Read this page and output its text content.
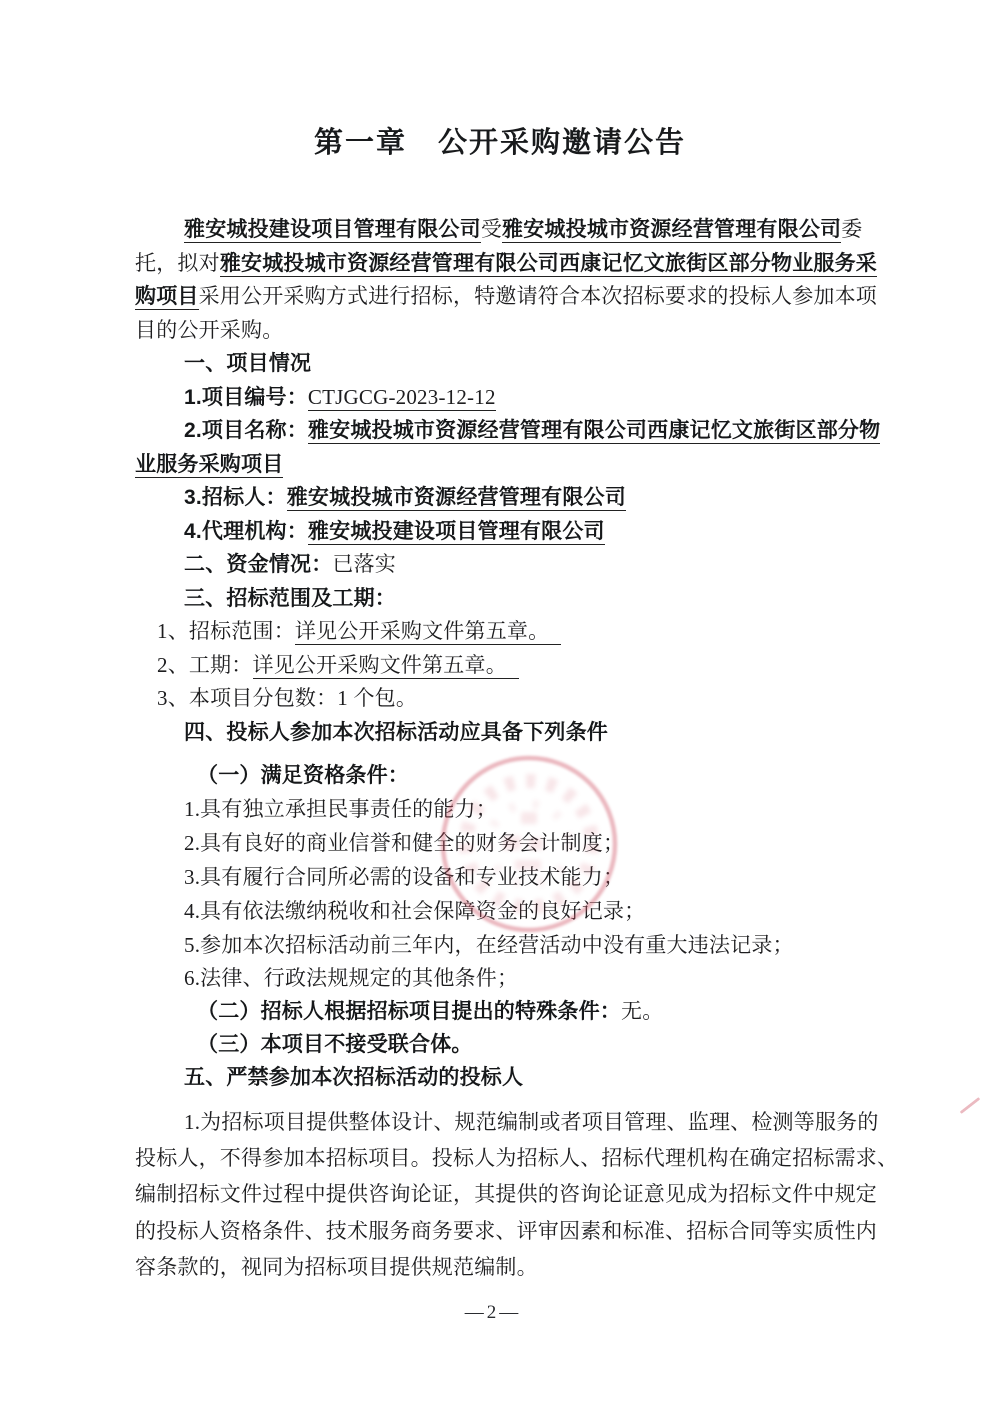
第一章　公开采购邀请公告
雅安城投建设项目管理有限公司受雅安城投城市资源经营管理有限公司委
托，拟对雅安城投城市资源经营管理有限公司西康记忆文旅街区部分物业服务采
购项目采用公开采购方式进行招标，特邀请符合本次招标要求的投标人参加本项
目的公开采购。
一、项目情况
1.项目编号：CTJGCG-2023-12-12
2.项目名称：雅安城投城市资源经营管理有限公司西康记忆文旅街区部分物
业服务采购项目
3.招标人：雅安城投城市资源经营管理有限公司
4.代理机构：雅安城投建设项目管理有限公司
二、资金情况：已落实
三、招标范围及工期：
1、招标范围：详见公开采购文件第五章。
2、工期：详见公开采购文件第五章。
3、本项目分包数：1 个包。
四、投标人参加本次招标活动应具备下列条件
（一）满足资格条件：
1.具有独立承担民事责任的能力；
2.具有良好的商业信誉和健全的财务会计制度；
3.具有履行合同所必需的设备和专业技术能力；
4.具有依法缴纳税收和社会保障资金的良好记录；
5.参加本次招标活动前三年内，在经营活动中没有重大违法记录；
6.法律、行政法规规定的其他条件；
（二）招标人根据招标项目提出的特殊条件：无。
（三）本项目不接受联合体。
五、严禁参加本次招标活动的投标人
1.为招标项目提供整体设计、规范编制或者项目管理、监理、检测等服务的
投标人，不得参加本招标项目。投标人为招标人、招标代理机构在确定招标需求、
编制招标文件过程中提供咨询论证，其提供的咨询论证意见成为招标文件中规定
的投标人资格条件、技术服务商务要求、评审因素和标准、招标合同等实质性内
容条款的，视同为招标项目提供规范编制。
—2—
